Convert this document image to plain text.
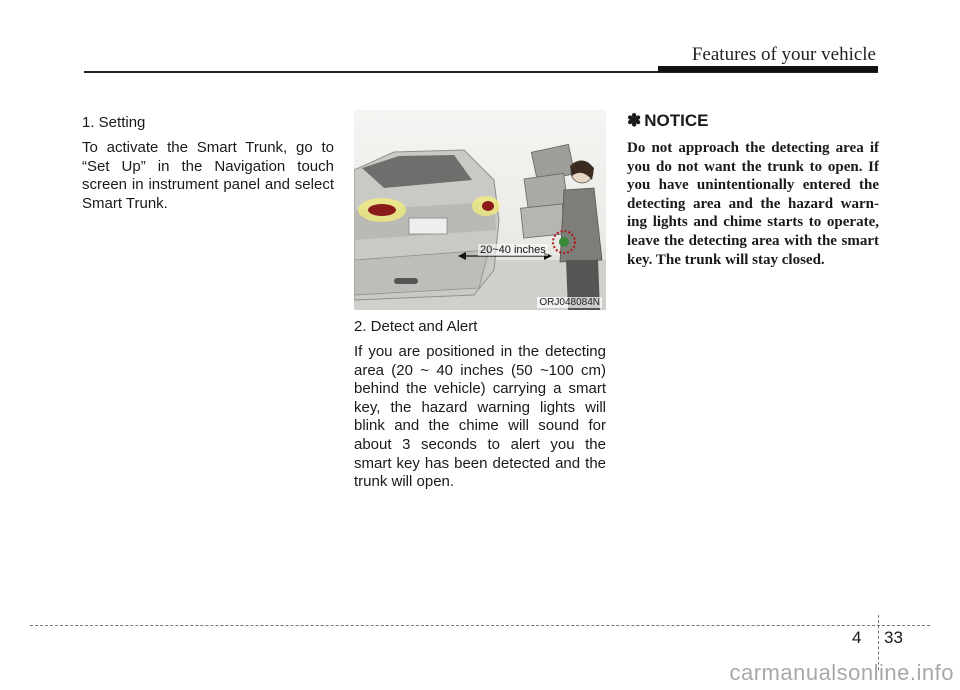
Features of your vehicle
1. Setting

To activate the Smart Trunk, go to “Set Up” in the Navigation touch screen in instrument panel and select Smart Trunk.

20~40 inches
ORJ048084N
2. Detect and Alert

If you are positioned in the detecting area (20 ~ 40 inches (50 ~100 cm) behind the vehicle) carrying a smart key, the hazard warning lights will blink and the chime will sound for about 3 seconds to alert you the smart key has been detected and the trunk will open.

✽ NOTICE

Do not approach the detecting area if you do not want the trunk to open. If you have unintentionally entered the detecting area and the hazard warn-ing lights and chime starts to operate, leave the detecting area with the smart key. The trunk will stay closed.

4 33
carmanualsonline.info
